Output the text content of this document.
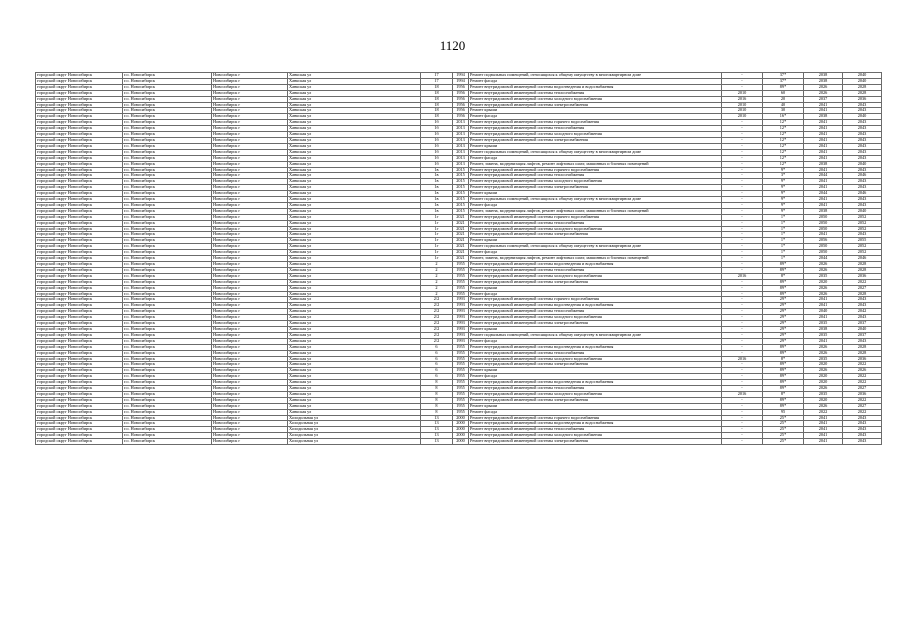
1120
городской округ Новосибирск	г.о. Новосибирск	Новосибирск г	Ханкская ул	17	1994	Ремонт подвальных помещений, относящихся к общему имуществу в многоквартирном доме	-	37*	2038	2040
городской округ Новосибирск	г.о. Новосибирск	Новосибирск г	Ханкская ул	17	1994	Ремонт фасада	-	37*	2038	2040
городской округ Новосибирск	г.о. Новосибирск	Новосибирск г	Ханкская ул	18	1956	Ремонт внутридомовой инженерной системы водоотведения и водоснабжения	-	89*	2026	2028
городской округ Новосибирск	г.о. Новосибирск	Новосибирск г	Ханкская ул	18	1956	Ремонт внутридомовой инженерной системы теплоснабжения	2010	60	2026	2028
городской округ Новосибирск	г.о. Новосибирск	Новосибирск г	Ханкская ул	18	1956	Ремонт внутридомовой инженерной системы холодного водоснабжения	2016	20	2037	2036
городской округ Новосибирск	г.о. Новосибирск	Новосибирск г	Ханкская ул	18	1956	Ремонт внутридомовой инженерной системы электроснабжения	2010	40	2041	2043
городской округ Новосибирск	г.о. Новосибирск	Новосибирск г	Ханкская ул	18	1956	Ремонт крыши	2010	30	2041	2043
городской округ Новосибирск	г.о. Новосибирск	Новосибирск г	Ханкская ул	18	1956	Ремонт фасада	2010	16*	2038	2040
городской округ Новосибирск	г.о. Новосибирск	Новосибирск г	Ханкская ул	1б	2013	Ремонт внутридомовой инженерной системы горячего водоснабжения	-	12*	2041	2043
городской округ Новосибирск	г.о. Новосибирск	Новосибирск г	Ханкская ул	1б	2013	Ремонт внутридомовой инженерной системы теплоснабжения	-	12*	2041	2043
городской округ Новосибирск	г.о. Новосибирск	Новосибирск г	Ханкская ул	1б	2013	Ремонт внутридомовой инженерной системы холодного водоснабжения	-	12*	2041	2043
городской округ Новосибирск	г.о. Новосибирск	Новосибирск г	Ханкская ул	1б	2013	Ремонт внутридомовой инженерной системы электроснабжения	-	12*	2041	2043
городской округ Новосибирск	г.о. Новосибирск	Новосибирск г	Ханкская ул	1б	2013	Ремонт крыши	-	12*	2041	2043
городской округ Новосибирск	г.о. Новосибирск	Новосибирск г	Ханкская ул	1б	2013	Ремонт подвальных помещений, относящихся к общему имуществу в многоквартирном доме	-	12*	2041	2043
городской округ Новосибирск	г.о. Новосибирск	Новосибирск г	Ханкская ул	1б	2013	Ремонт фасада	-	12*	2041	2043
городской округ Новосибирск	г.о. Новосибирск	Новосибирск г	Ханкская ул	1б	2013	Ремонт, замена, модернизация лифтов, ремонт лифтовых шахт, машинных и блочных помещений	-	12*	2038	2040
городской округ Новосибирск	г.о. Новосибирск	Новосибирск г	Ханкская ул	1в	2015	Ремонт внутридомовой инженерной системы горячего водоснабжения	-	9*	2041	2043
городской округ Новосибирск	г.о. Новосибирск	Новосибирск г	Ханкская ул	1в	2015	Ремонт внутридомовой инженерной системы теплоснабжения	-	3*	2044	2046
городской округ Новосибирск	г.о. Новосибирск	Новосибирск г	Ханкская ул	1в	2015	Ремонт внутридомовой инженерной системы холодного водоснабжения	-	9*	2041	2043
городской округ Новосибирск	г.о. Новосибирск	Новосибирск г	Ханкская ул	1в	2015	Ремонт внутридомовой инженерной системы электроснабжения	-	9*	2041	2043
городской округ Новосибирск	г.о. Новосибирск	Новосибирск г	Ханкская ул	1в	2015	Ремонт крыши	-	9*	2044	2046
городской округ Новосибирск	г.о. Новосибирск	Новосибирск г	Ханкская ул	1в	2015	Ремонт подвальных помещений, относящихся к общему имуществу в многоквартирном доме	-	9*	2041	2043
городской округ Новосибирск	г.о. Новосибирск	Новосибирск г	Ханкская ул	1в	2015	Ремонт фасада	-	9*	2041	2043
городской округ Новосибирск	г.о. Новосибирск	Новосибирск г	Ханкская ул	1в	2015	Ремонт, замена, модернизация лифтов, ремонт лифтовых шахт, машинных и блочных помещений	-	9*	2038	2040
городской округ Новосибирск	г.о. Новосибирск	Новосибирск г	Ханкская ул	1г	2021	Ремонт внутридомовой инженерной системы горячего водоснабжения	-	1*	2050	2052
городской округ Новосибирск	г.о. Новосибирск	Новосибирск г	Ханкская ул	1г	2021	Ремонт внутридомовой инженерной системы теплоснабжения	-	1*	2050	2052
городской округ Новосибирск	г.о. Новосибирск	Новосибирск г	Ханкская ул	1г	2021	Ремонт внутридомовой инженерной системы холодного водоснабжения	-	1*	2050	2052
городской округ Новосибирск	г.о. Новосибирск	Новосибирск г	Ханкская ул	1г	2021	Ремонт внутридомовой инженерной системы электроснабжения	-	1*	2041	2043
городской округ Новосибирск	г.о. Новосибирск	Новосибирск г	Ханкская ул	1г	2021	Ремонт крыши	-	1*	2056	2055
городской округ Новосибирск	г.о. Новосибирск	Новосибирск г	Ханкская ул	1г	2021	Ремонт подвальных помещений, относящихся к общему имуществу в многоквартирном доме	-	1*	2050	2052
городской округ Новосибирск	г.о. Новосибирск	Новосибирск г	Ханкская ул	1г	2021	Ремонт фасада	-	1*	2050	2052
городской округ Новосибирск	г.о. Новосибирск	Новосибирск г	Ханкская ул	1г	2021	Ремонт, замена, модернизация лифтов, ремонт лифтовых шахт, машинных и блочных помещений	-	1*	2044	2046
городской округ Новосибирск	г.о. Новосибирск	Новосибирск г	Ханкская ул	2	1955	Ремонт внутридомовой инженерной системы водоотведения и водоснабжения	-	89*	2026	2028
городской округ Новосибирск	г.о. Новосибирск	Новосибирск г	Ханкская ул	2	1955	Ремонт внутридомовой инженерной системы теплоснабжения	-	89*	2026	2028
городской округ Новосибирск	г.о. Новосибирск	Новосибирск г	Ханкская ул	2	1955	Ремонт внутридомовой инженерной системы холодного водоснабжения	2016	8*	2035	2036
городской округ Новосибирск	г.о. Новосибирск	Новосибирск г	Ханкская ул	2	1955	Ремонт внутридомовой инженерной системы электроснабжения	-	89*	2020	2022
городской округ Новосибирск	г.о. Новосибирск	Новосибирск г	Ханкская ул	2	1955	Ремонт крыши	-	89*	2026	2027
городской округ Новосибирск	г.о. Новосибирск	Новосибирск г	Ханкская ул	2	1955	Ремонт фасада	-	89*	2026	2028
городской округ Новосибирск	г.о. Новосибирск	Новосибирск г	Ханкская ул	2/2	1993	Ремонт внутридомовой инженерной системы горячего водоснабжения	-	29*	2041	2043
городской округ Новосибирск	г.о. Новосибирск	Новосибирск г	Ханкская ул	2/2	1993	Ремонт внутридомовой инженерной системы водоотведения и водоснабжения	-	29*	2041	2043
городской округ Новосибирск	г.о. Новосибирск	Новосибирск г	Ханкская ул	2/2	1993	Ремонт внутридомовой инженерной системы теплоснабжения	-	29*	2040	2042
городской округ Новосибирск	г.о. Новосибирск	Новосибирск г	Ханкская ул	2/2	1993	Ремонт внутридомовой инженерной системы холодного водоснабжения	-	29*	2041	2043
городской округ Новосибирск	г.о. Новосибирск	Новосибирск г	Ханкская ул	2/2	1993	Ремонт внутридомовой инженерной системы электроснабжения	-	29*	2035	2037
городской округ Новосибирск	г.о. Новосибирск	Новосибирск г	Ханкская ул	2/2	1993	Ремонт крыши	-	29*	2038	2040
городской округ Новосибирск	г.о. Новосибирск	Новосибирск г	Ханкская ул	2/2	1993	Ремонт подвальных помещений, относящихся к общему имуществу в многоквартирном доме	-	29*	2035	2037
городской округ Новосибирск	г.о. Новосибирск	Новосибирск г	Ханкская ул	2/2	1993	Ремонт фасада	-	29*	2041	2043
городской округ Новосибирск	г.о. Новосибирск	Новосибирск г	Ханкская ул	6	1955	Ремонт внутридомовой инженерной системы водоотведения и водоснабжения	-	89*	2026	2028
городской округ Новосибирск	г.о. Новосибирск	Новосибирск г	Ханкская ул	6	1955	Ремонт внутридомовой инженерной системы теплоснабжения	-	89*	2026	2028
городской округ Новосибирск	г.о. Новосибирск	Новосибирск г	Ханкская ул	6	1955	Ремонт внутридомовой инженерной системы холодного водоснабжения	2016	8*	2035	2036
городской округ Новосибирск	г.о. Новосибирск	Новосибирск г	Ханкская ул	6	1955	Ремонт внутридомовой инженерной системы электроснабжения	-	89*	2020	2022
городской округ Новосибирск	г.о. Новосибирск	Новосибирск г	Ханкская ул	6	1955	Ремонт крыши	-	89*	2026	2026
городской округ Новосибирск	г.о. Новосибирск	Новосибирск г	Ханкская ул	6	1955	Ремонт фасада	-	89*	2020	2022
городской округ Новосибирск	г.о. Новосибирск	Новосибирск г	Ханкская ул	8	1955	Ремонт внутридомовой инженерной системы водоотведения и водоснабжения	-	89*	2020	2022
городской округ Новосибирск	г.о. Новосибирск	Новосибирск г	Ханкская ул	8	1955	Ремонт внутридомовой инженерной системы теплоснабжения	-	89*	2026	2027
городской округ Новосибирск	г.о. Новосибирск	Новосибирск г	Ханкская ул	8	1955	Ремонт внутридомовой инженерной системы холодного водоснабжения	2016	8*	2035	2036
городской округ Новосибирск	г.о. Новосибирск	Новосибирск г	Ханкская ул	8	1955	Ремонт внутридомовой инженерной системы электроснабжения	-	89*	2020	2022
городской округ Новосибирск	г.о. Новосибирск	Новосибирск г	Ханкская ул	8	1955	Ремонт крыши	-	89*	2026	2027
городской округ Новосибирск	г.о. Новосибирск	Новосибирск г	Ханкская ул	8	1955	Ремонт фасада	-	95	2022	2022
городской округ Новосибирск	г.о. Новосибирск	Новосибирск г	Холодильная ул	13	2000	Ремонт внутридомовой инженерной системы горячего водоснабжения	-	25*	2041	2043
городской округ Новосибирск	г.о. Новосибирск	Новосибирск г	Холодильная ул	13	2000	Ремонт внутридомовой инженерной системы водоотведения и водоснабжения	-	25*	2041	2043
городской округ Новосибирск	г.о. Новосибирск	Новосибирск г	Холодильная ул	13	2000	Ремонт внутридомовой инженерной системы теплоснабжения	-	25*	2041	2043
городской округ Новосибирск	г.о. Новосибирск	Новосибирск г	Холодильная ул	13	2000	Ремонт внутридомовой инженерной системы холодного водоснабжения	-	25*	2041	2043
городской округ Новосибирск	г.о. Новосибирск	Новосибирск г	Холодильная ул	13	2000	Ремонт внутридомовой инженерной системы электроснабжения	-	25*	2041	2043
